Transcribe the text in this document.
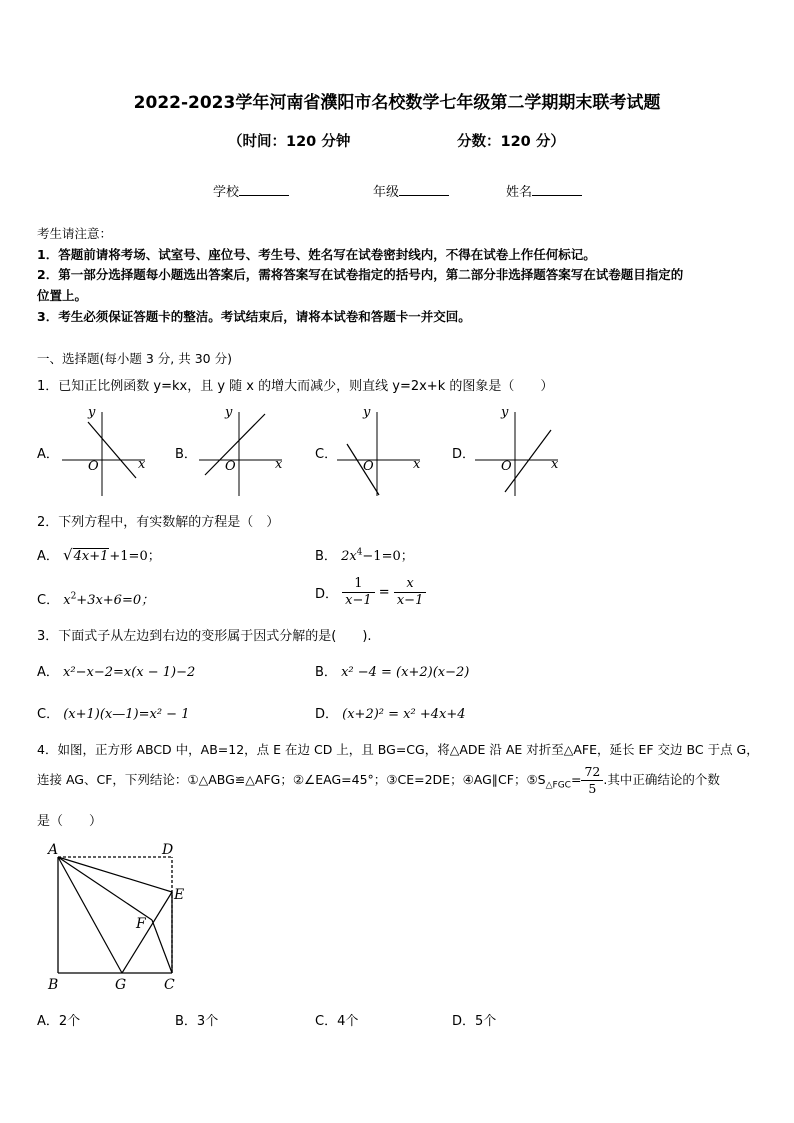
2022-2023学年河南省濮阳市名校数学七年级第二学期期末联考试题
（时间：120 分钟	分数：120 分）
学校	年级	姓名
考生请注意：
1．答题前请将考场、试室号、座位号、考生号、姓名写在试卷密封线内，不得在试卷上作任何标记。
2．第一部分选择题每小题选出答案后，需将答案写在试卷指定的括号内，第二部分非选择题答案写在试卷题目指定的
位置上。
3．考生必须保证答题卡的整洁。考试结束后，请将本试卷和答题卡一并交回。
一、选择题(每小题 3 分, 共 30 分)
1．已知正比例函数 y=kx，且 y 随 x 的增大而减少，则直线 y=2x+k 的图象是（　　）
A．	B．	C．	D．
y
x
O
y
x
O
y
x
O
y
x
O
2．下列方程中，有实数解的方程是（　）
A． √4x+1+1=0；	B． $2x^4-1=0$；
C． $x^2+3x+6=0$；	D． $\frac{1}{x-1} = \frac{x}{x-1}$
3．下面式子从左边到右边的变形属于因式分解的是(　　).
A． x²−x−2=x(x − 1)−2	B． x² −4 = (x+2)(x−2)
C． (x+1)(x—1)=x² − 1	D． (x+2)² = x² +4x+4
4．如图，正方形 ABCD 中，AB=12，点 E 在边 CD 上，且 BG=CG，将△ADE 沿 AE 对折至△AFE，延长 EF 交边 BC 于点 G，
连接 AG、CF，下列结论：①△ABG≌△AFG；②∠EAG=45°；③CE=2DE；④AG∥CF；$⑤S_{\triangle FGC}= \frac{72}{5}$ .其中正确结论的个数
是（　　）
A	D
E
F
B	G	C
A．2个	B．3个	C．4个	D．5个
